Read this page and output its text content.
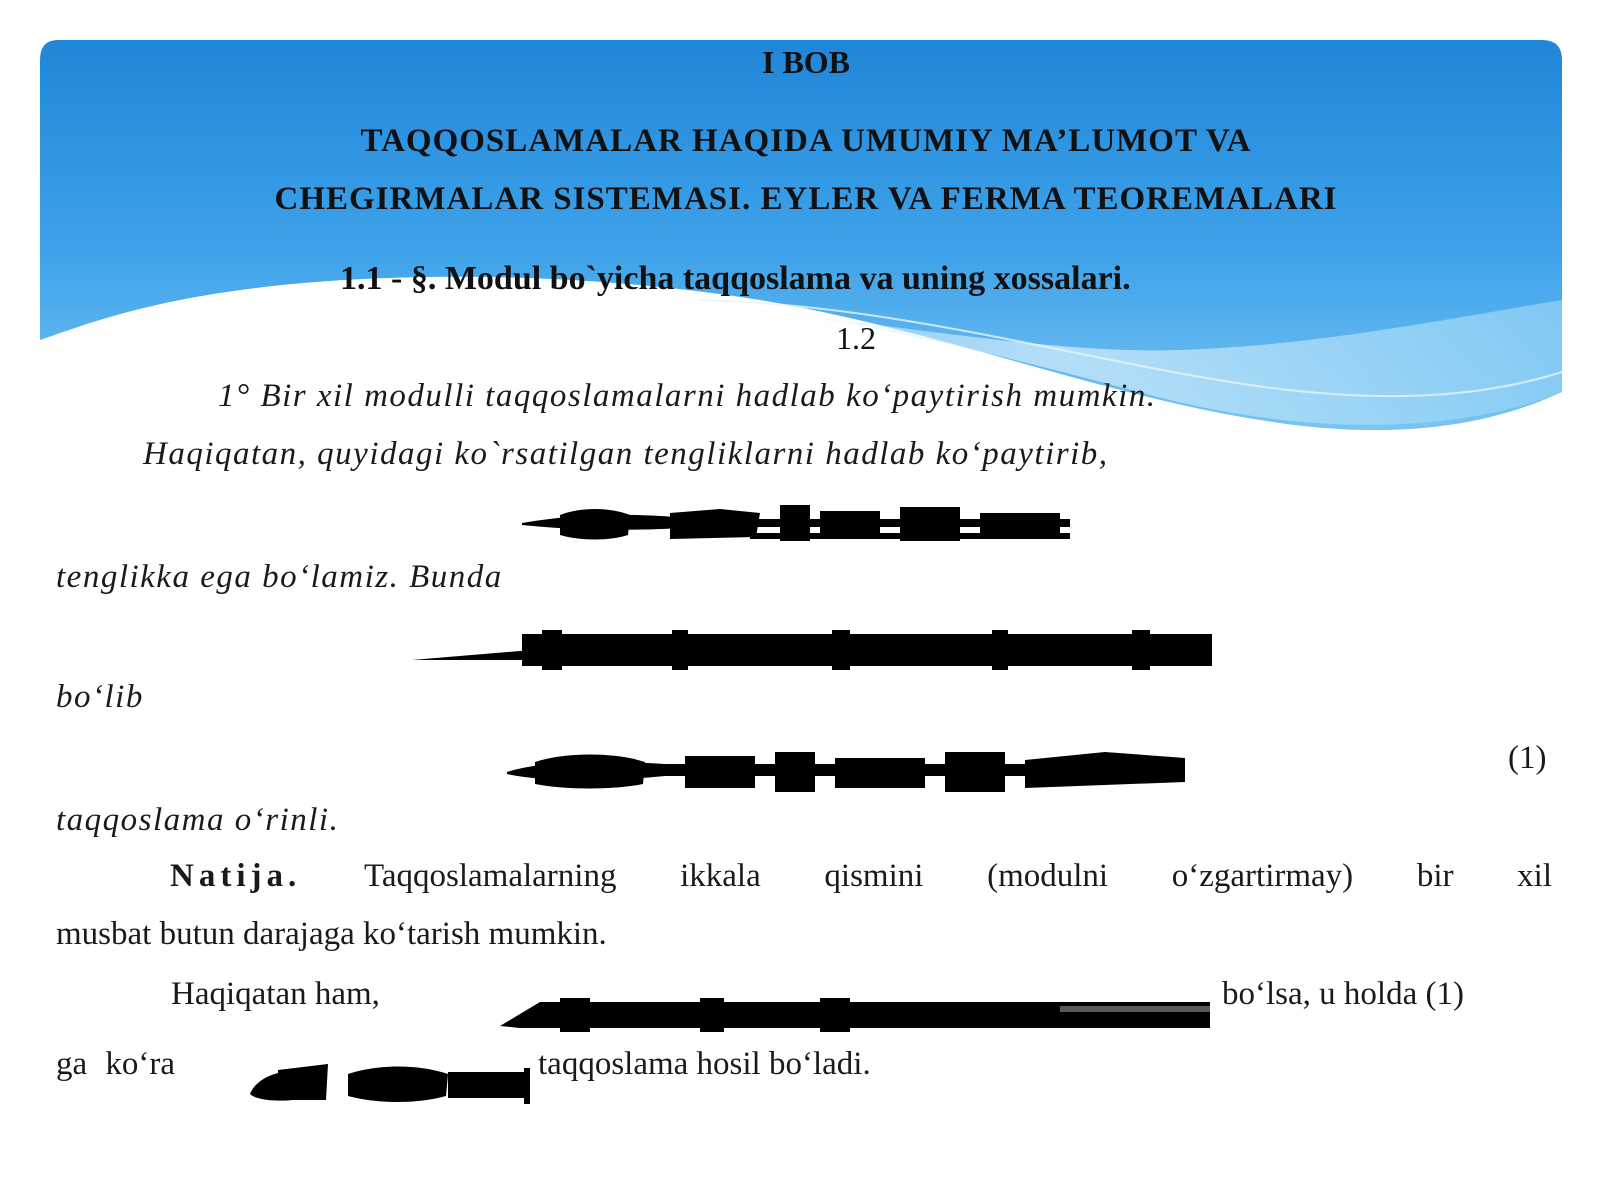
I BOB
TAQQOSLAMALAR HAQIDA UMUMIY MA’LUMOT VA
CHEGIRMALAR SISTEMASI. EYLER VA FERMA TEOREMALARI
1.1 - §. Modul bo`yicha taqqoslama va uning xossalari.
1.2
1° Bir xil modulli taqqoslamalarni hadlab ko‘paytirish mumkin.
Haqiqatan, quyidagi ko`rsatilgan tengliklarni hadlab ko‘paytirib,
tenglikka ega bo‘lamiz. Bunda
bo‘lib
(1)
taqqoslama o‘rinli.
Natija. Taqqoslamalarning ikkala qismini (modulni o‘zgartirmay) bir xil
musbat butun darajaga ko‘tarish mumkin.
Haqiqatan ham,	bo‘lsa, u holda (1)
ga ko‘ra	taqqoslama hosil bo‘ladi.
